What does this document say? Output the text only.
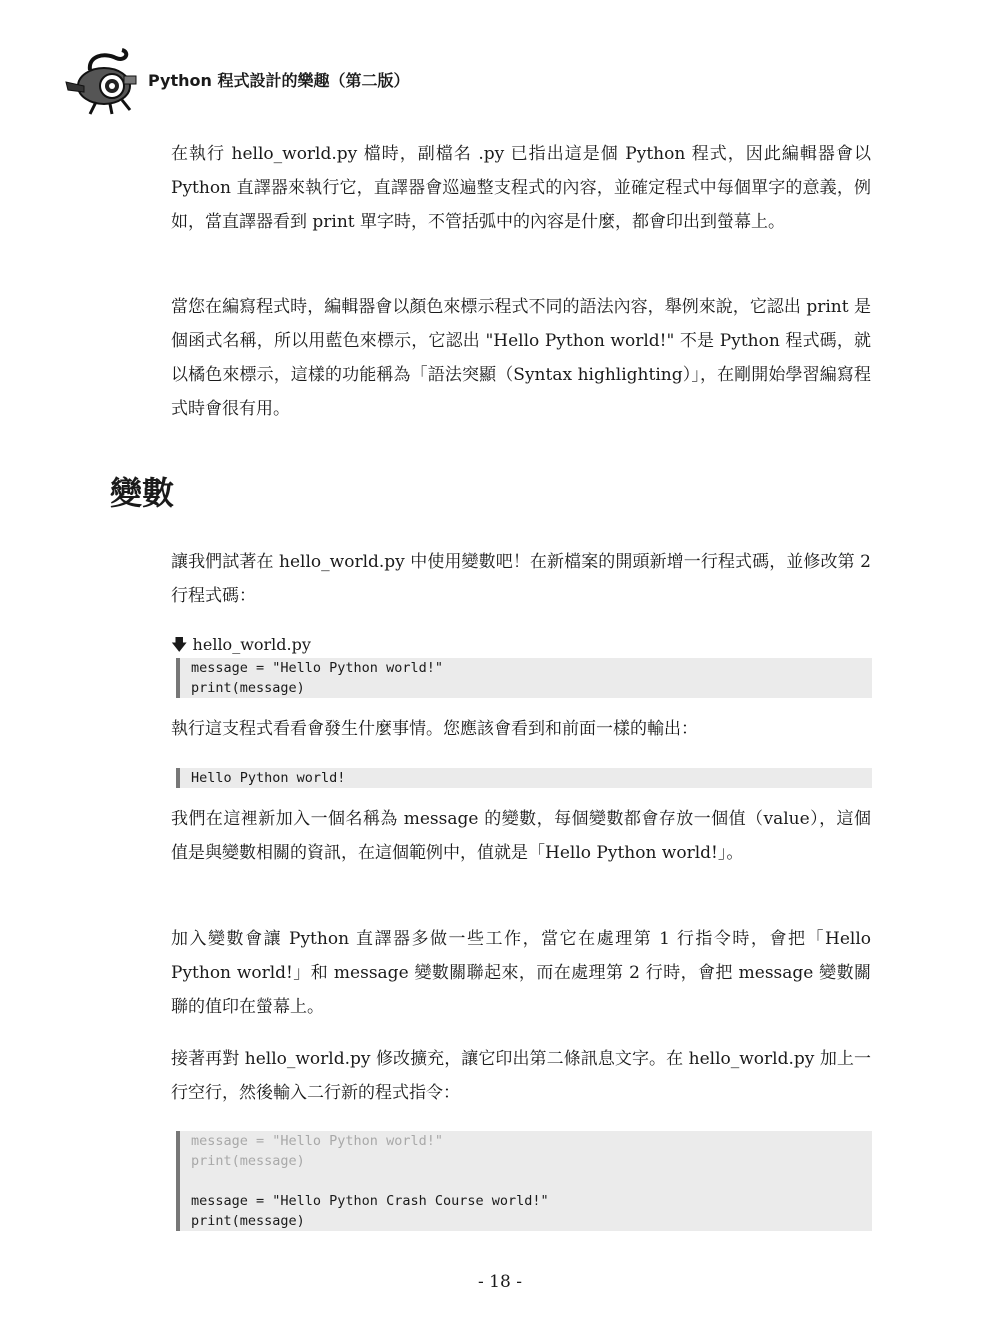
Python 程式設計的樂趣（第二版）

在執行 hello_world.py 檔時，副檔名 .py 已指出這是個 Python 程式，因此編輯器會以 Python 直譯器來執行它，直譯器會巡遍整支程式的內容，並確定程式中每個單字的意義，例如，當直譯器看到 print 單字時，不管括弧中的內容是什麼，都會印出到螢幕上。

當您在編寫程式時，編輯器會以顏色來標示程式不同的語法內容，舉例來說，它認出 print 是個函式名稱，所以用藍色來標示，它認出 "Hello Python world!" 不是 Python 程式碼，就以橘色來標示，這樣的功能稱為「語法突顯（Syntax highlighting）」，在剛開始學習編寫程式時會很有用。

變數

讓我們試著在 hello_world.py 中使用變數吧！在新檔案的開頭新增一行程式碼，並修改第 2 行程式碼：

🡇 hello_world.py
message = "Hello Python world!"
print(message)

執行這支程式看看會發生什麼事情。您應該會看到和前面一樣的輸出：

Hello Python world!

我們在這裡新加入一個名稱為 message 的變數，每個變數都會存放一個值（value），這個值是與變數相關的資訊，在這個範例中，值就是「Hello Python world!」。

加入變數會讓 Python 直譯器多做一些工作，當它在處理第 1 行指令時，會把「Hello Python world!」和 message 變數關聯起來，而在處理第 2 行時，會把 message 變數關聯的值印在螢幕上。

接著再對 hello_world.py 修改擴充，讓它印出第二條訊息文字。在 hello_world.py 加上一行空行，然後輸入二行新的程式指令：

message = "Hello Python world!"
print(message)
message = "Hello Python Crash Course world!"
print(message)
- 18 -
